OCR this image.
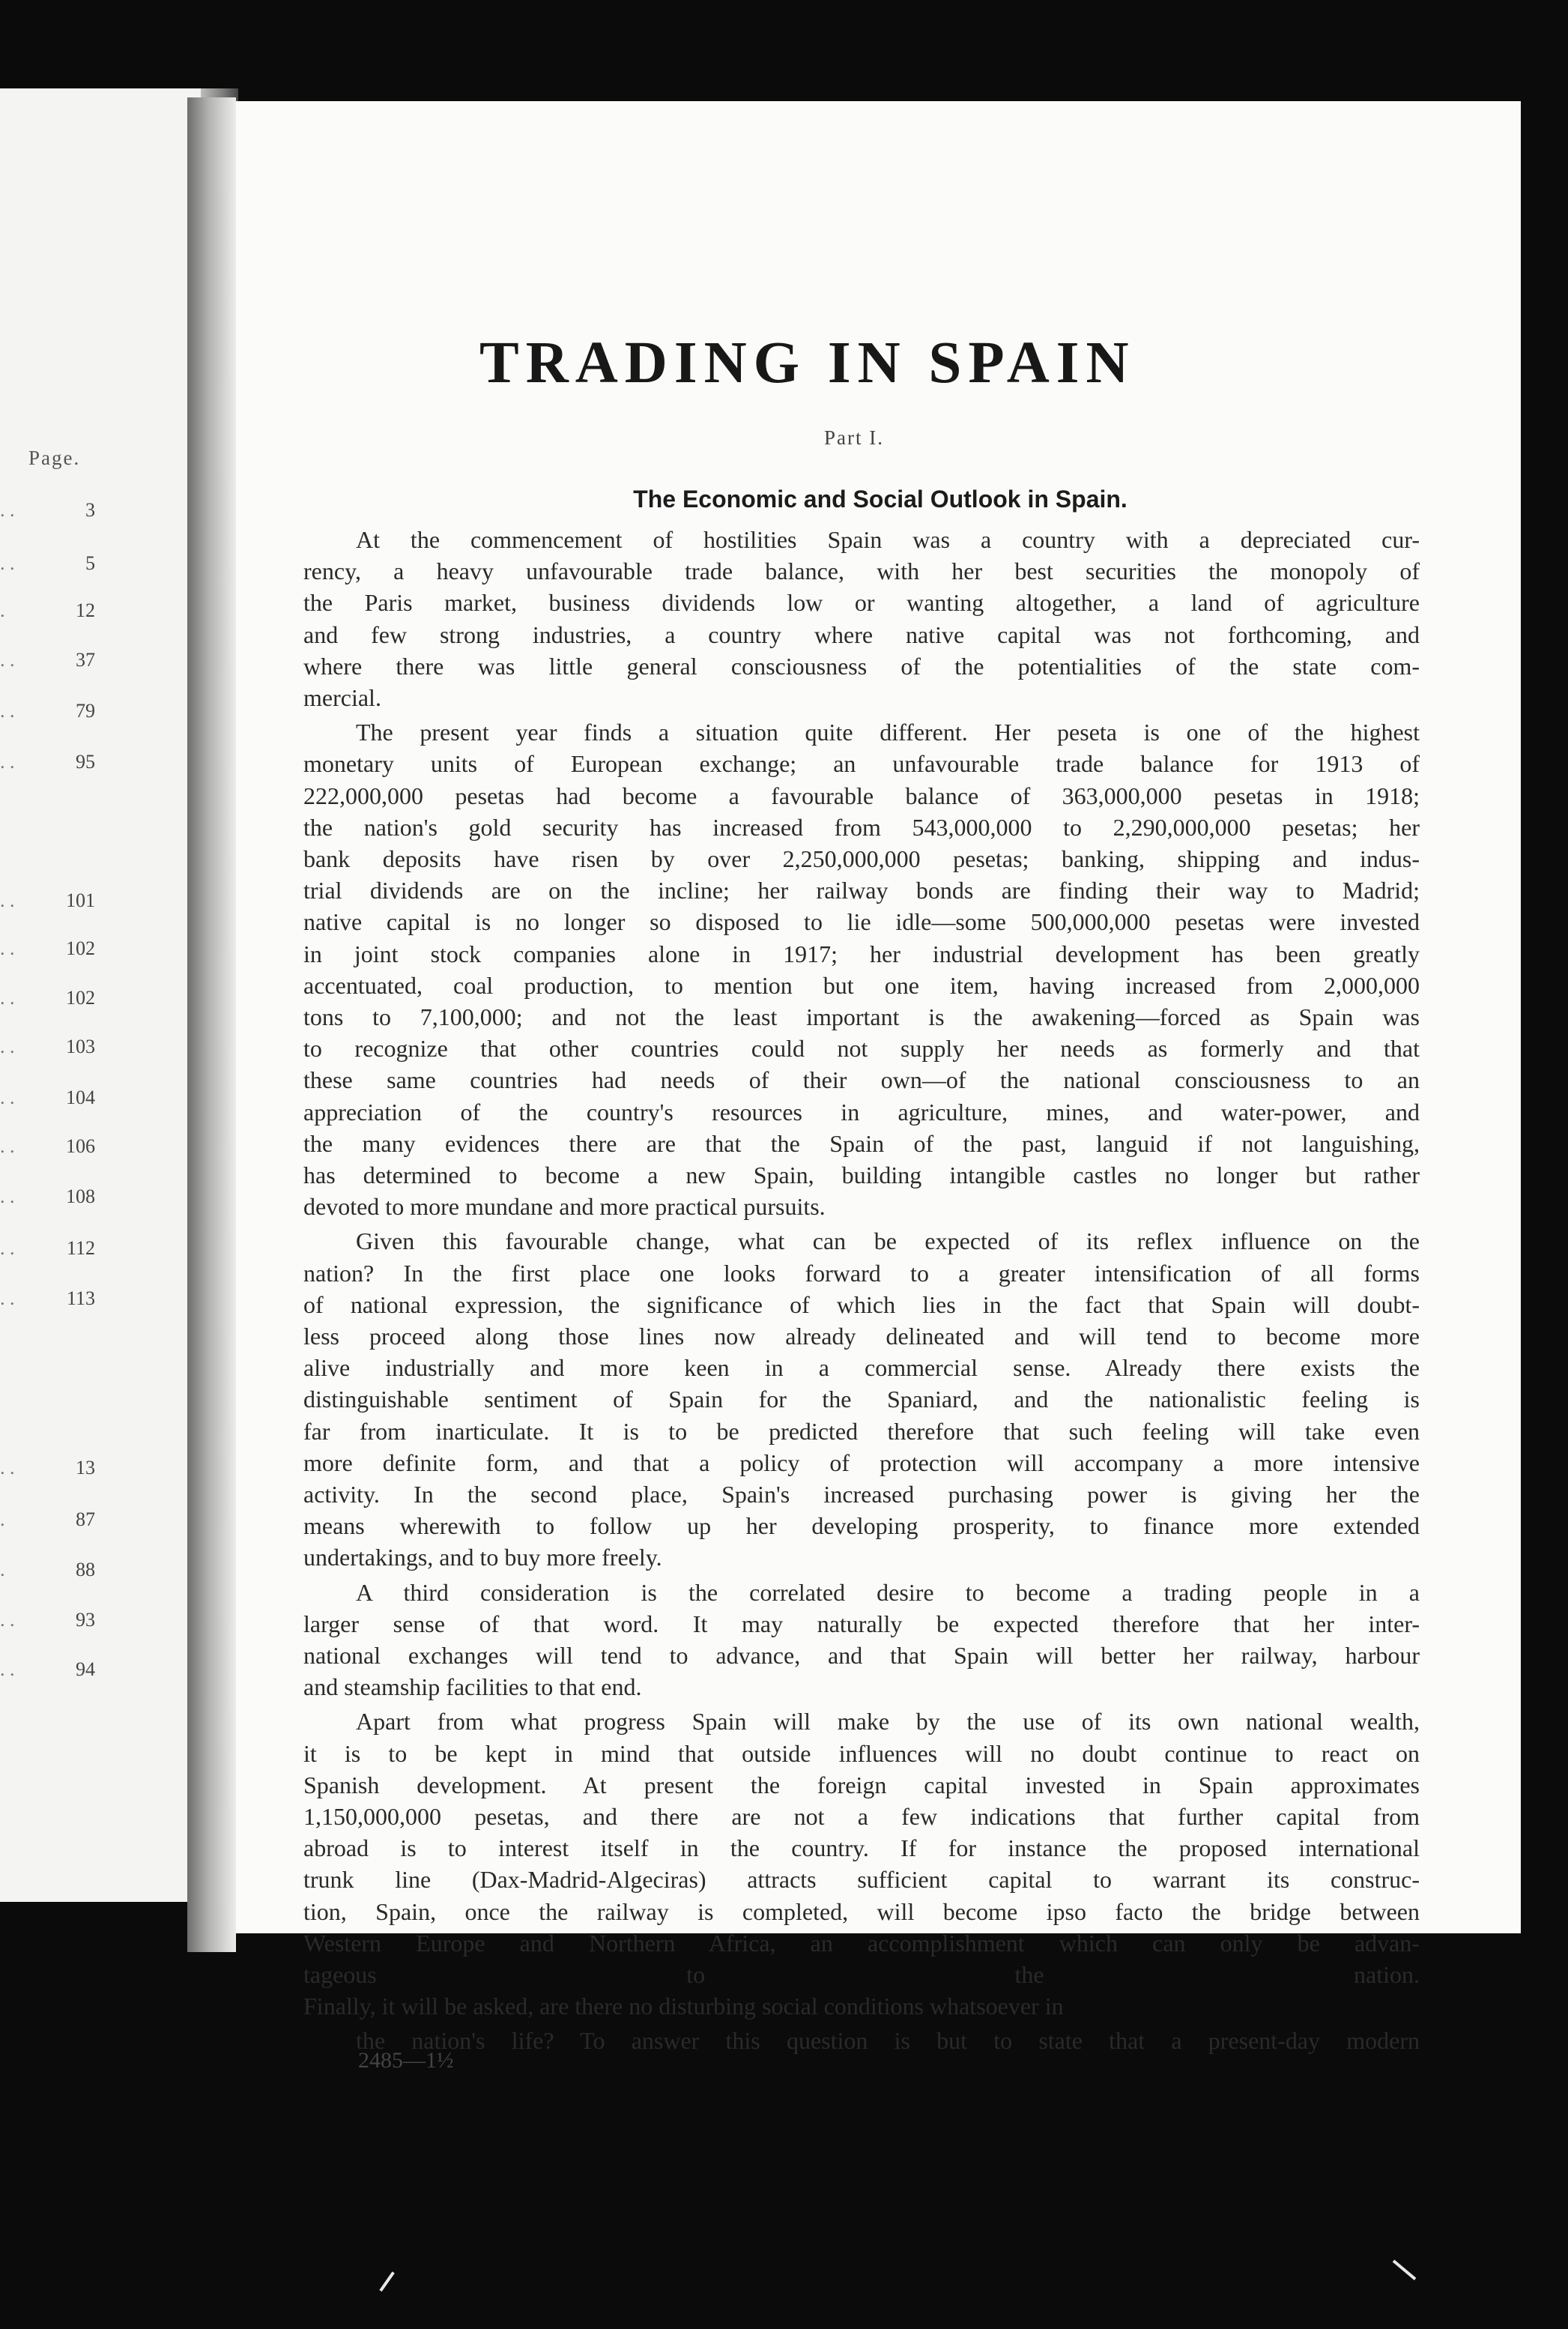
Page.
. .	3
. .	5
.	12
. .	37
. .	79
. .	95
. .	101
. .	102
. .	102
. .	103
. .	104
. .	106
. .	108
. .	112
. .	113
. .	13
.	87
.	88
. .	93
. .	94
TRADING IN SPAIN
Part I.
The Economic and Social Outlook in Spain.
At the commencement of hostilities Spain was a country with a depreciated cur-
rency, a heavy unfavourable trade balance, with her best securities the monopoly of
the Paris market, business dividends low or wanting altogether, a land of agriculture
and few strong industries, a country where native capital was not forthcoming, and
where there was little general consciousness of the potentialities of the state com-
mercial.
The present year finds a situation quite different. Her peseta is one of the highest
monetary units of European exchange; an unfavourable trade balance for 1913 of
222,000,000 pesetas had become a favourable balance of 363,000,000 pesetas in 1918;
the nation's gold security has increased from 543,000,000 to 2,290,000,000 pesetas; her
bank deposits have risen by over 2,250,000,000 pesetas; banking, shipping and indus-
trial dividends are on the incline; her railway bonds are finding their way to Madrid;
native capital is no longer so disposed to lie idle—some 500,000,000 pesetas were invested
in joint stock companies alone in 1917; her industrial development has been greatly
accentuated, coal production, to mention but one item, having increased from 2,000,000
tons to 7,100,000; and not the least important is the awakening—forced as Spain was
to recognize that other countries could not supply her needs as formerly and that
these same countries had needs of their own—of the national consciousness to an
appreciation of the country's resources in agriculture, mines, and water-power, and
the many evidences there are that the Spain of the past, languid if not languishing,
has determined to become a new Spain, building intangible castles no longer but rather
devoted to more mundane and more practical pursuits.
Given this favourable change, what can be expected of its reflex influence on the
nation? In the first place one looks forward to a greater intensification of all forms
of national expression, the significance of which lies in the fact that Spain will doubt-
less proceed along those lines now already delineated and will tend to become more
alive industrially and more keen in a commercial sense. Already there exists the
distinguishable sentiment of Spain for the Spaniard, and the nationalistic feeling is
far from inarticulate. It is to be predicted therefore that such feeling will take even
more definite form, and that a policy of protection will accompany a more intensive
activity. In the second place, Spain's increased purchasing power is giving her the
means wherewith to follow up her developing prosperity, to finance more extended
undertakings, and to buy more freely.
A third consideration is the correlated desire to become a trading people in a
larger sense of that word. It may naturally be expected therefore that her inter-
national exchanges will tend to advance, and that Spain will better her railway, harbour
and steamship facilities to that end.
Apart from what progress Spain will make by the use of its own national wealth,
it is to be kept in mind that outside influences will no doubt continue to react on
Spanish development. At present the foreign capital invested in Spain approximates
1,150,000,000 pesetas, and there are not a few indications that further capital from
abroad is to interest itself in the country. If for instance the proposed international
trunk line (Dax-Madrid-Algeciras) attracts sufficient capital to warrant its construc-
tion, Spain, once the railway is completed, will become ipso facto the bridge between
Western Europe and Northern Africa, an accomplishment which can only be advan-
tageous to the nation.
Finally, it will be asked, are there no disturbing social conditions whatsoever in
the nation's life? To answer this question is but to state that a present-day modern
2485—1½
